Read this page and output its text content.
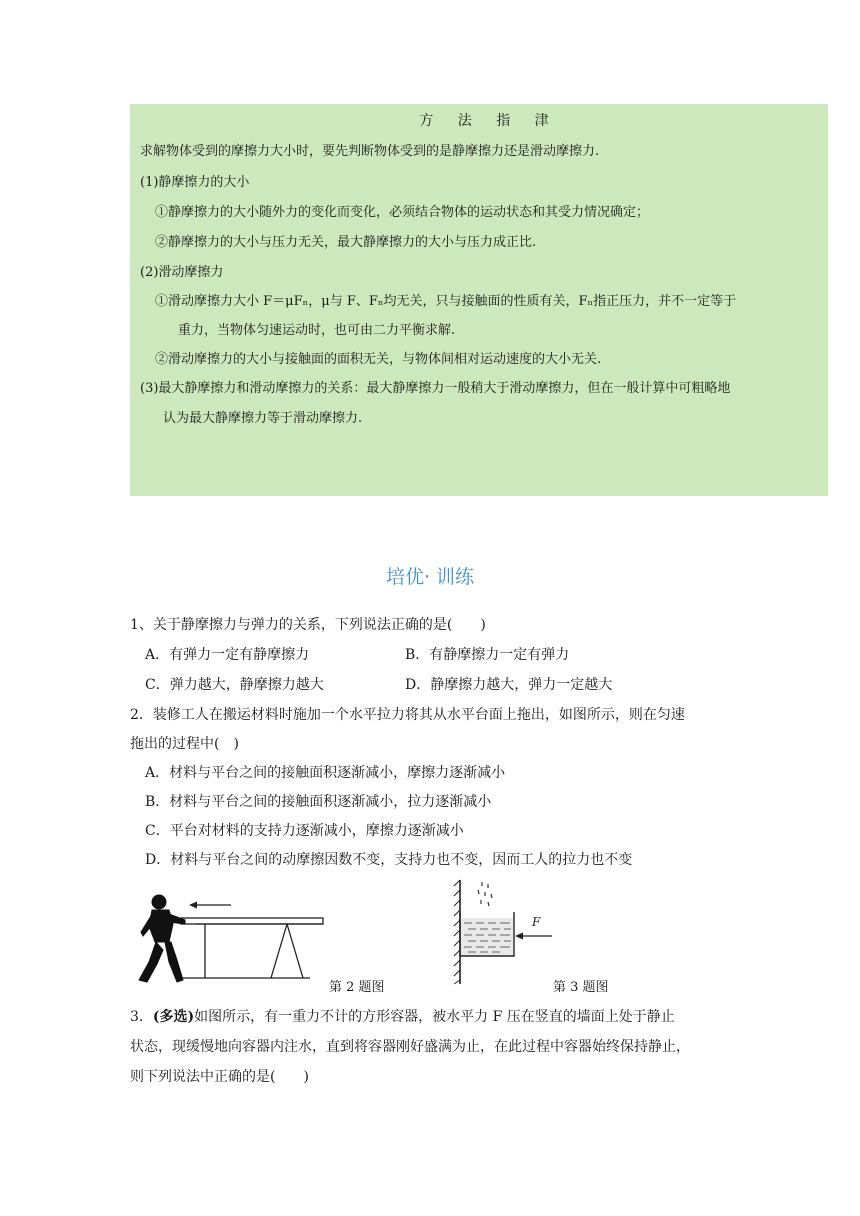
方 法 指 津
求解物体受到的摩擦力大小时，要先判断物体受到的是静摩擦力还是滑动摩擦力.
(1)静摩擦力的大小
①静摩擦力的大小随外力的变化而变化，必须结合物体的运动状态和其受力情况确定；
②静摩擦力的大小与压力无关，最大静摩擦力的大小与压力成正比.
(2)滑动摩擦力
①滑动摩擦力大小 F＝μFₙ，μ与 F、Fₙ均无关，只与接触面的性质有关，Fₙ指正压力，并不一定等于
重力，当物体匀速运动时，也可由二力平衡求解.
②滑动摩擦力的大小与接触面的面积无关，与物体间相对运动速度的大小无关.
(3)最大静摩擦力和滑动摩擦力的关系：最大静摩擦力一般稍大于滑动摩擦力，但在一般计算中可粗略地
认为最大静摩擦力等于滑动摩擦力.
培优· 训练
1、关于静摩擦力与弹力的关系，下列说法正确的是(　　)
A．有弹力一定有静摩擦力	B．有静摩擦力一定有弹力
C．弹力越大，静摩擦力越大	D．静摩擦力越大，弹力一定越大
2．装修工人在搬运材料时施加一个水平拉力将其从水平台面上拖出，如图所示，则在匀速
拖出的过程中(　)
A．材料与平台之间的接触面积逐渐减小，摩擦力逐渐减小
B．材料与平台之间的接触面积逐渐减小，拉力逐渐减小
C．平台对材料的支持力逐渐减小，摩擦力逐渐减小
D．材料与平台之间的动摩擦因数不变，支持力也不变，因而工人的拉力也不变
第 2 题图
F
第 3 题图
3．(多选)如图所示，有一重力不计的方形容器，被水平力 F 压在竖直的墙面上处于静止
状态，现缓慢地向容器内注水，直到将容器刚好盛满为止，在此过程中容器始终保持静止，
则下列说法中正确的是(　　)
